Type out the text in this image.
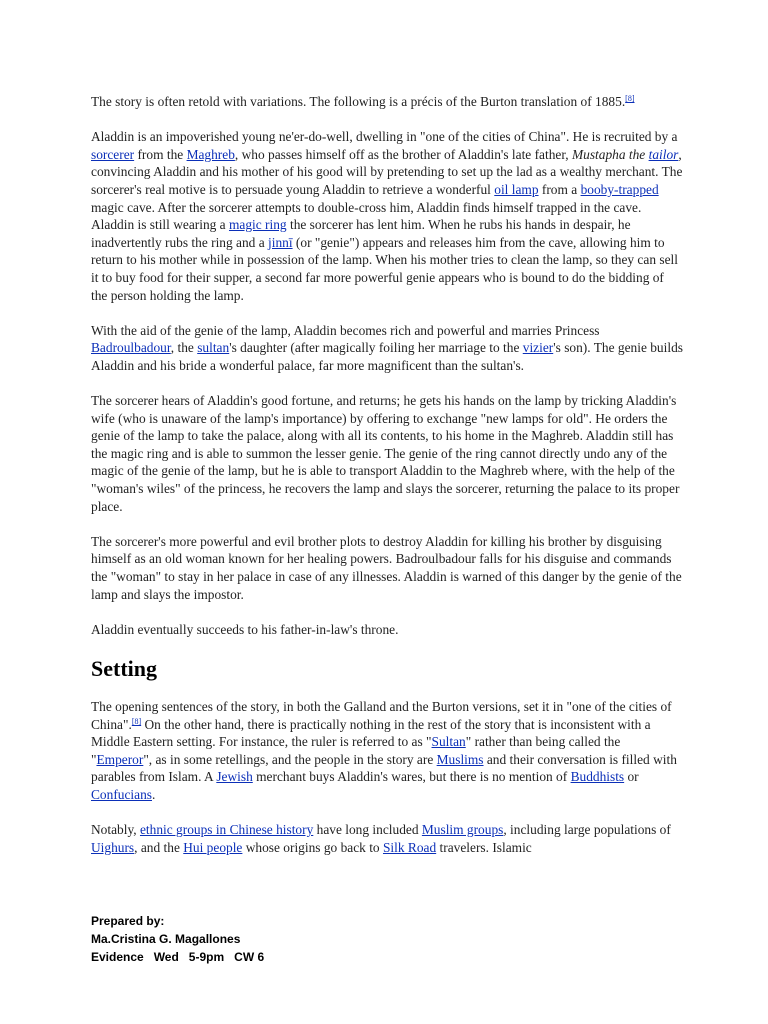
The story is often retold with variations. The following is a précis of the Burton translation of 1885.[8]

Aladdin is an impoverished young ne'er-do-well, dwelling in "one of the cities of China". He is recruited by a sorcerer from the Maghreb, who passes himself off as the brother of Aladdin's late father, Mustapha the tailor, convincing Aladdin and his mother of his good will by pretending to set up the lad as a wealthy merchant. The sorcerer's real motive is to persuade young Aladdin to retrieve a wonderful oil lamp from a booby-trapped magic cave. After the sorcerer attempts to double-cross him, Aladdin finds himself trapped in the cave. Aladdin is still wearing a magic ring the sorcerer has lent him. When he rubs his hands in despair, he inadvertently rubs the ring and a jinnī (or "genie") appears and releases him from the cave, allowing him to return to his mother while in possession of the lamp. When his mother tries to clean the lamp, so they can sell it to buy food for their supper, a second far more powerful genie appears who is bound to do the bidding of the person holding the lamp.

With the aid of the genie of the lamp, Aladdin becomes rich and powerful and marries Princess Badroulbadour, the sultan's daughter (after magically foiling her marriage to the vizier's son). The genie builds Aladdin and his bride a wonderful palace, far more magnificent than the sultan's.

The sorcerer hears of Aladdin's good fortune, and returns; he gets his hands on the lamp by tricking Aladdin's wife (who is unaware of the lamp's importance) by offering to exchange "new lamps for old". He orders the genie of the lamp to take the palace, along with all its contents, to his home in the Maghreb. Aladdin still has the magic ring and is able to summon the lesser genie. The genie of the ring cannot directly undo any of the magic of the genie of the lamp, but he is able to transport Aladdin to the Maghreb where, with the help of the "woman's wiles" of the princess, he recovers the lamp and slays the sorcerer, returning the palace to its proper place.

The sorcerer's more powerful and evil brother plots to destroy Aladdin for killing his brother by disguising himself as an old woman known for her healing powers. Badroulbadour falls for his disguise and commands the "woman" to stay in her palace in case of any illnesses. Aladdin is warned of this danger by the genie of the lamp and slays the impostor.

Aladdin eventually succeeds to his father-in-law's throne.

Setting

The opening sentences of the story, in both the Galland and the Burton versions, set it in "one of the cities of China".[8] On the other hand, there is practically nothing in the rest of the story that is inconsistent with a Middle Eastern setting. For instance, the ruler is referred to as "Sultan" rather than being called the "Emperor", as in some retellings, and the people in the story are Muslims and their conversation is filled with parables from Islam. A Jewish merchant buys Aladdin's wares, but there is no mention of Buddhists or Confucians.

Notably, ethnic groups in Chinese history have long included Muslim groups, including large populations of Uighurs, and the Hui people whose origins go back to Silk Road travelers. Islamic

Prepared by:
Ma.Cristina G. Magallones
Evidence   Wed   5-9pm   CW 6
